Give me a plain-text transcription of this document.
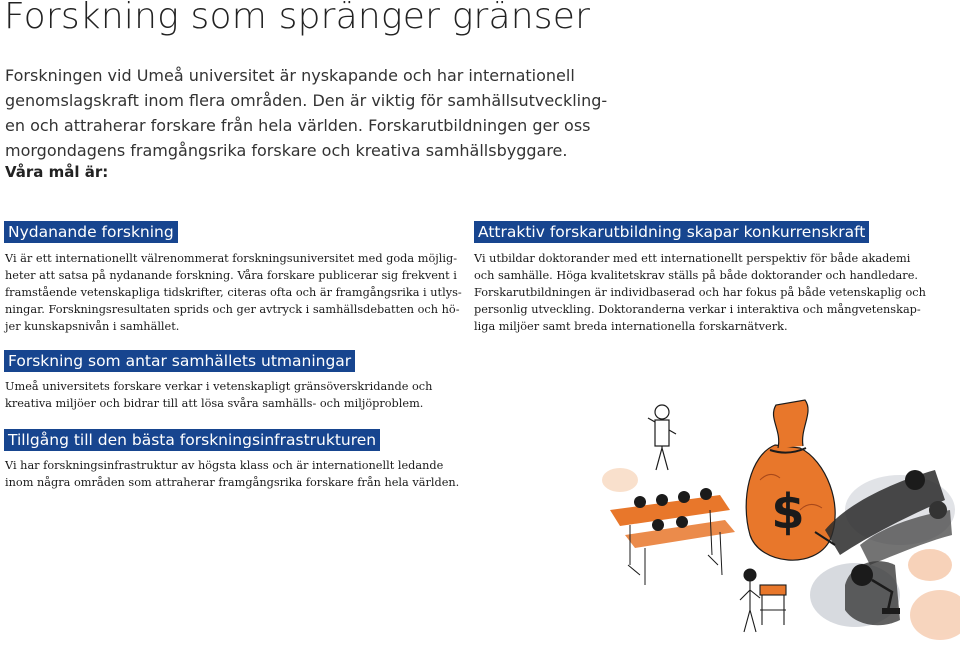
Forskning som spränger gränser
Forskningen vid Umeå universitet är nyskapande och har internationell
genomslagskraft inom flera områden. Den är viktig för samhällsutveckling-
en och attraherar forskare från hela världen. Forskarutbildningen ger oss
morgondagens framgångsrika forskare och kreativa samhällsbyggare.
Våra mål är:
Nydanande forskning
Vi är ett internationellt välrenommerat forskningsuniversitet med goda möjlig-
heter att satsa på nydanande forskning. Våra forskare publicerar sig frekvent i
framstående vetenskapliga tidskrifter, citeras ofta och är framgångsrika i utlys-
ningar. Forskningsresultaten sprids och ger avtryck i samhällsdebatten och hö-
jer kunskapsnivån i samhället.
Attraktiv forskarutbildning skapar konkurrenskraft
Vi utbildar doktorander med ett internationellt perspektiv för både akademi
och samhälle. Höga kvalitetskrav ställs på både doktorander och handledare.
Forskarutbildningen är individbaserad och har fokus på både vetenskaplig och
personlig utveckling. Doktoranderna verkar i interaktiva och mångvetenskap-
liga miljöer samt breda internationella forskarnätverk.
Forskning som antar samhällets utmaningar
Umeå universitets forskare verkar i vetenskapligt gränsöverskridande och
kreativa miljöer och bidrar till att lösa svåra samhälls- och miljöproblem.
Tillgång till den bästa forskningsinfrastrukturen
Vi har forskningsinfrastruktur av högsta klass och är internationellt ledande
inom några områden som attraherar framgångsrika forskare från hela världen.
$
